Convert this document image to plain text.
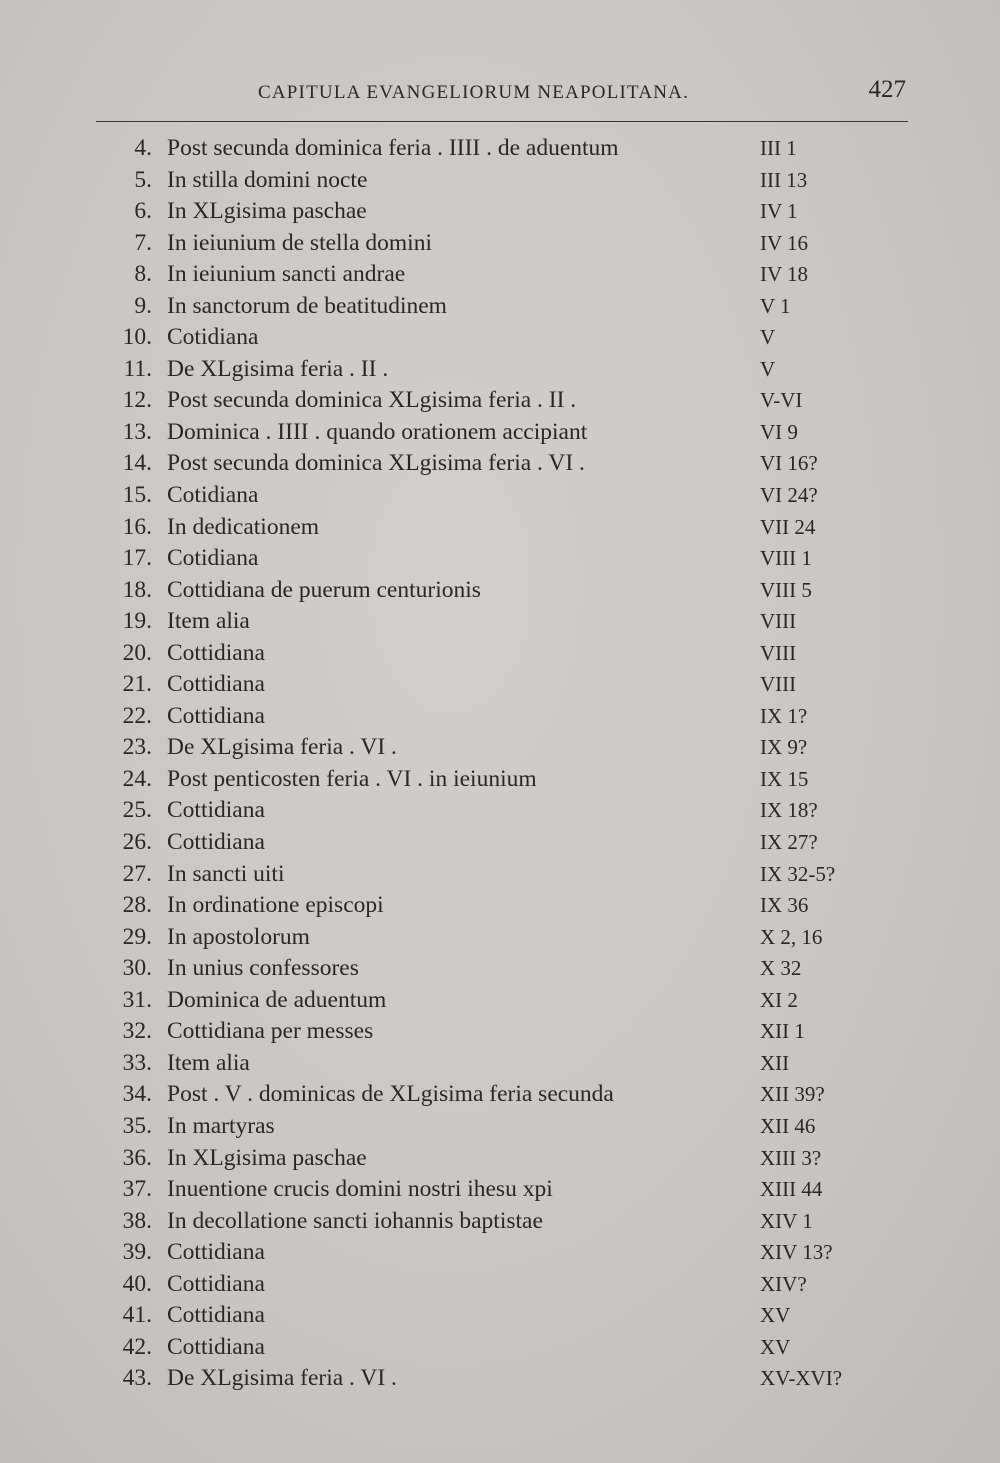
CAPITULA EVANGELIORUM NEAPOLITANA.	427
4. Post secunda dominica feria . IIII . de aduentum	III 1
5. In stilla domini nocte	III 13
6. In XLgisima paschae	IV 1
7. In ieiunium de stella domini	IV 16
8. In ieiunium sancti andrae	IV 18
9. In sanctorum de beatitudinem	V 1
10. Cotidiana	V
11. De XLgisima feria . II .	V
12. Post secunda dominica XLgisima feria . II .	V-VI
13. Dominica . IIII . quando orationem accipiant	VI 9
14. Post secunda dominica XLgisima feria . VI .	VI 16?
15. Cotidiana	VI 24?
16. In dedicationem	VII 24
17. Cotidiana	VIII 1
18. Cottidiana de puerum centurionis	VIII 5
19. Item alia	VIII
20. Cottidiana	VIII
21. Cottidiana	VIII
22. Cottidiana	IX 1?
23. De XLgisima feria . VI .	IX 9?
24. Post penticosten feria . VI . in ieiunium	IX 15
25. Cottidiana	IX 18?
26. Cottidiana	IX 27?
27. In sancti uiti	IX 32-5?
28. In ordinatione episcopi	IX 36
29. In apostolorum	X 2, 16
30. In unius confessores	X 32
31. Dominica de aduentum	XI 2
32. Cottidiana per messes	XII 1
33. Item alia	XII
34. Post . V . dominicas de XLgisima feria secunda	XII 39?
35. In martyras	XII 46
36. In XLgisima paschae	XIII 3?
37. Inuentione crucis domini nostri ihesu xpi	XIII 44
38. In decollatione sancti iohannis baptistae	XIV 1
39. Cottidiana	XIV 13?
40. Cottidiana	XIV?
41. Cottidiana	XV
42. Cottidiana	XV
43. De XLgisima feria . VI .	XV-XVI?
